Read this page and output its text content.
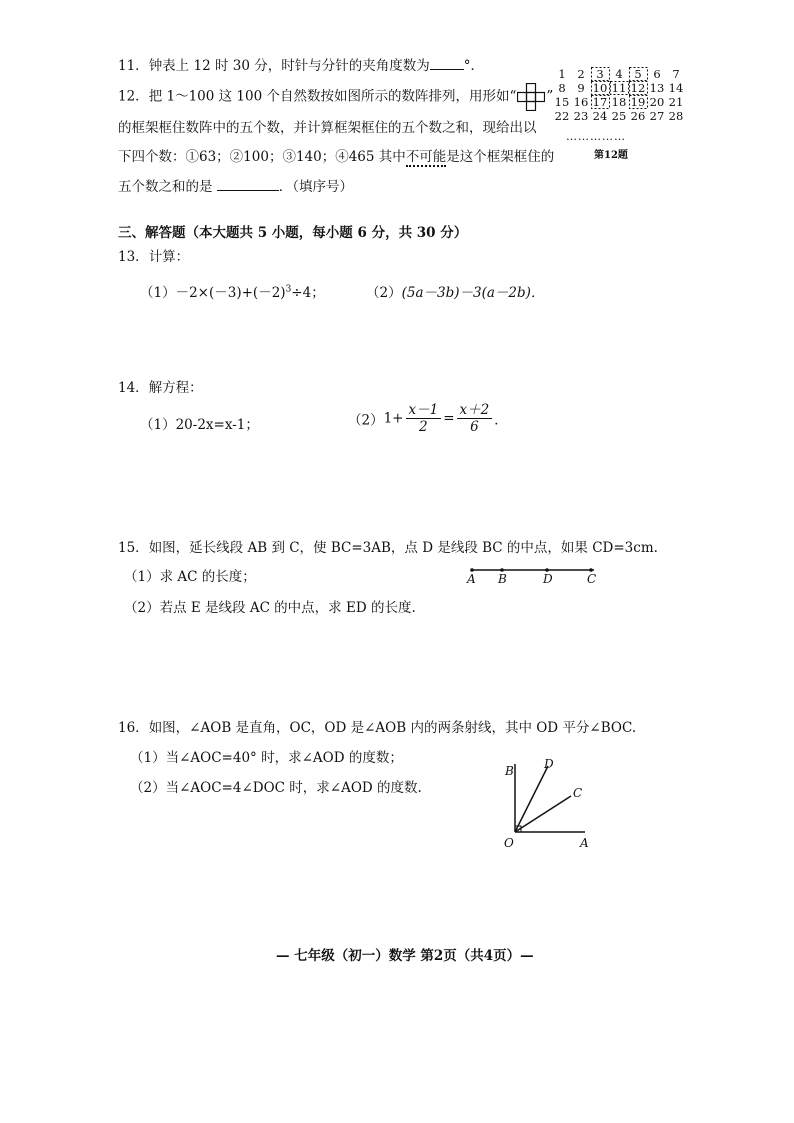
11．钟表上 12 时 30 分，时针与分针的夹角度数为	°．
12．把 1～100 这 100 个自然数按如图所示的数阵排列，用形如“ ”
的框架框住数阵中的五个数，并计算框架框住的五个数之和，现给出以
下四个数：①63；②100；③140；④465 其中不可能是这个框架框住的
五个数之和的是	．（填序号）
1	2	3	4	5	6	7
8	9 10 11 12 13 14
15 16 17 18 19 20 21
22 23 24 25 26 27 28
……………
第12题
三、解答题（本大题共 5 小题，每小题 6 分，共 30 分）
13．计算：
$(1)-2\times(-3)+(-2)^3\div 4$；	（2）(5a－3b)－3(a－2b)．
14．解方程：
（1）20-2x=x-1；	$(2)1+ \frac{x-1}{2} = \frac{x+2}{6}$ ．
15．如图，延长线段 AB 到 C，使 BC=3AB，点 D 是线段 BC 的中点，如果 CD=3cm.
（1）求 AC 的长度；
（2）若点 E 是线段 AC 的中点，求 ED 的长度.
A B	D	C
16．如图，∠AOB 是直角，OC，OD 是∠AOB 内的两条射线，其中 OD 平分∠BOC.
（1）当∠AOC=40° 时，求∠AOD 的度数；
（2）当∠AOC=4∠DOC 时，求∠AOD 的度数.
B	D
C
O	A
— 七年级（初一）数学 第2页（共4页）—
